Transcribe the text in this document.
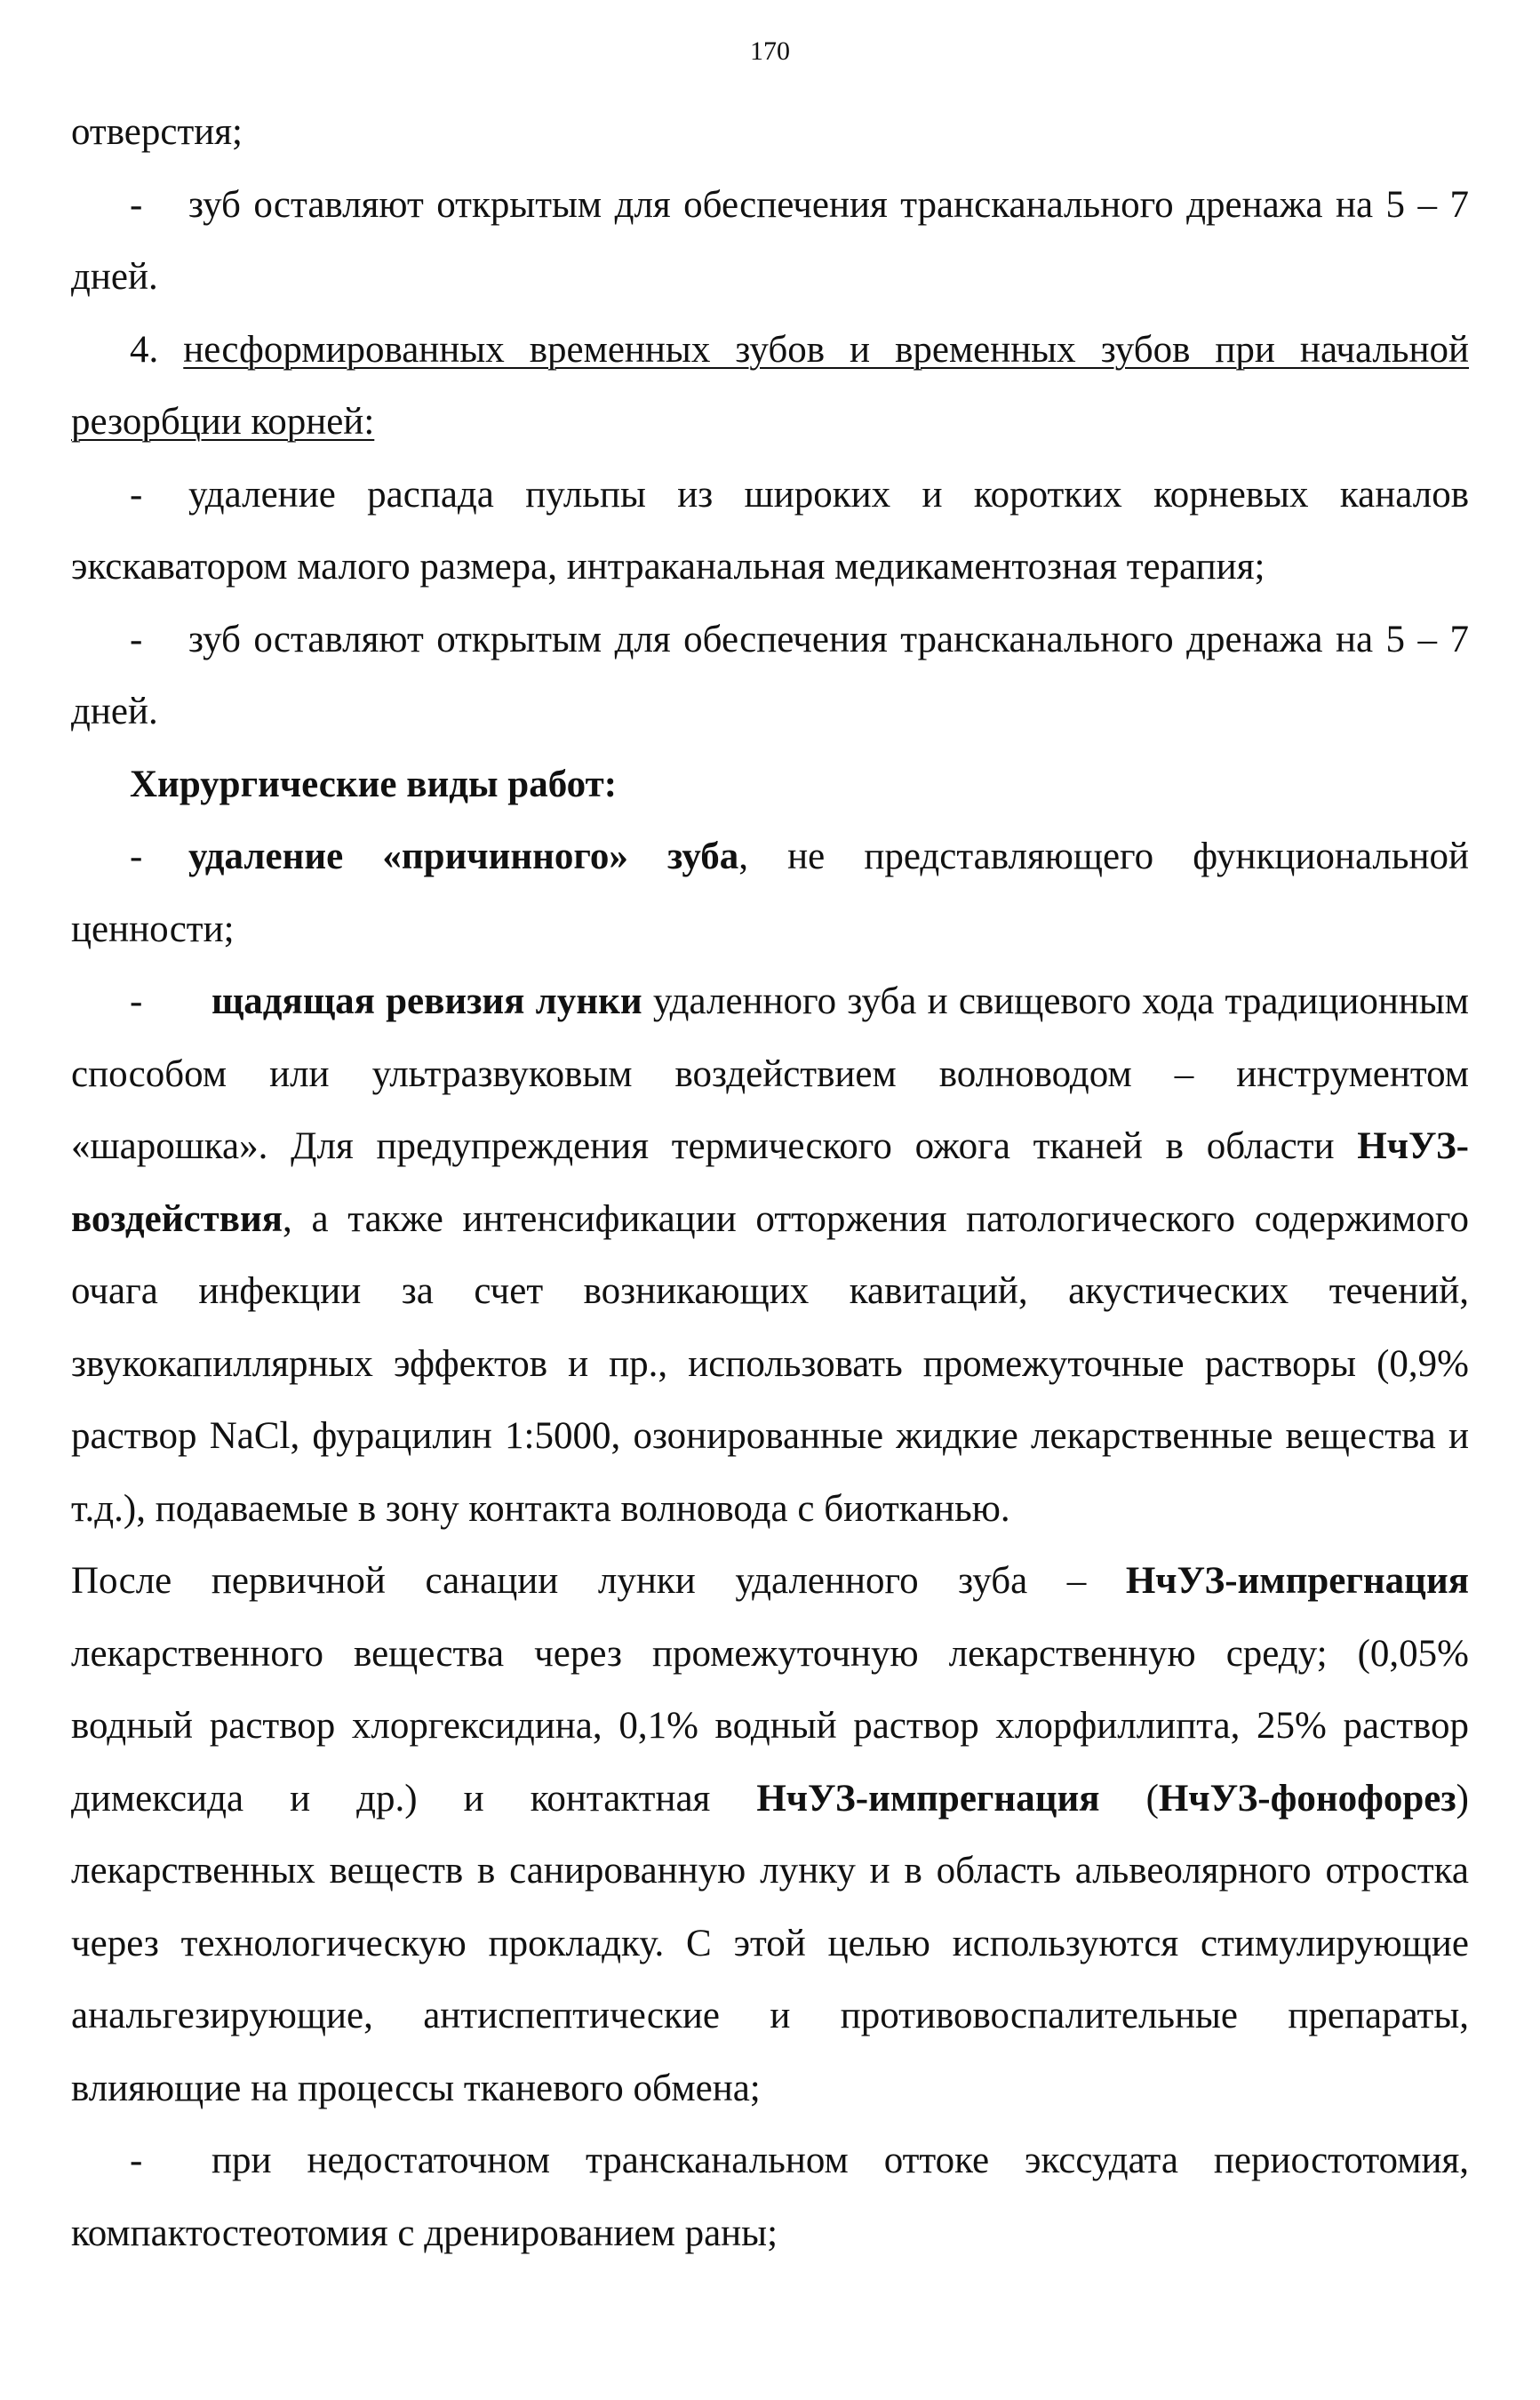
170

отверстия;

- зуб оставляют открытым для обеспечения трансканального дренажа на 5 – 7 дней.

4. несформированных временных зубов и временных зубов при начальной резорбции корней:

- удаление распада пульпы из широких и коротких корневых каналов экскаватором малого размера, интраканальная медикаментозная терапия;

- зуб оставляют открытым для обеспечения трансканального дренажа на 5 – 7 дней.

Хирургические виды работ:

- удаление «причинного» зуба, не представляющего функциональной ценности;

- щадящая ревизия лунки удаленного зуба и свищевого хода традиционным способом или ультразвуковым воздействием волноводом – инструментом «шарошка». Для предупреждения термического ожога тканей в области НчУЗ-воздействия, а также интенсификации отторжения патологического содержимого очага инфекции за счет возникающих кавитаций, акустических течений, звукокапиллярных эффектов и пр., использовать промежуточные растворы (0,9% раствор NaCl, фурацилин 1:5000, озонированные жидкие лекарственные вещества и т.д.), подаваемые в зону контакта волновода с биотканью.

После первичной санации лунки удаленного зуба – НчУЗ-импрегнация лекарственного вещества через промежуточную лекарственную среду; (0,05% водный раствор хлоргексидина, 0,1% водный раствор хлорфиллипта, 25% раствор димексида и др.) и контактная НчУЗ-импрегнация (НчУЗ-фонофорез) лекарственных веществ в санированную лунку и в область альвеолярного отростка через технологическую прокладку. С этой целью используются стимулирующие анальгезирующие, антиспептические и противовоспалительные препараты, влияющие на процессы тканевого обмена;

- при недостаточном трансканальном оттоке экссудата периостотомия, компактостеотомия с дренированием раны;
